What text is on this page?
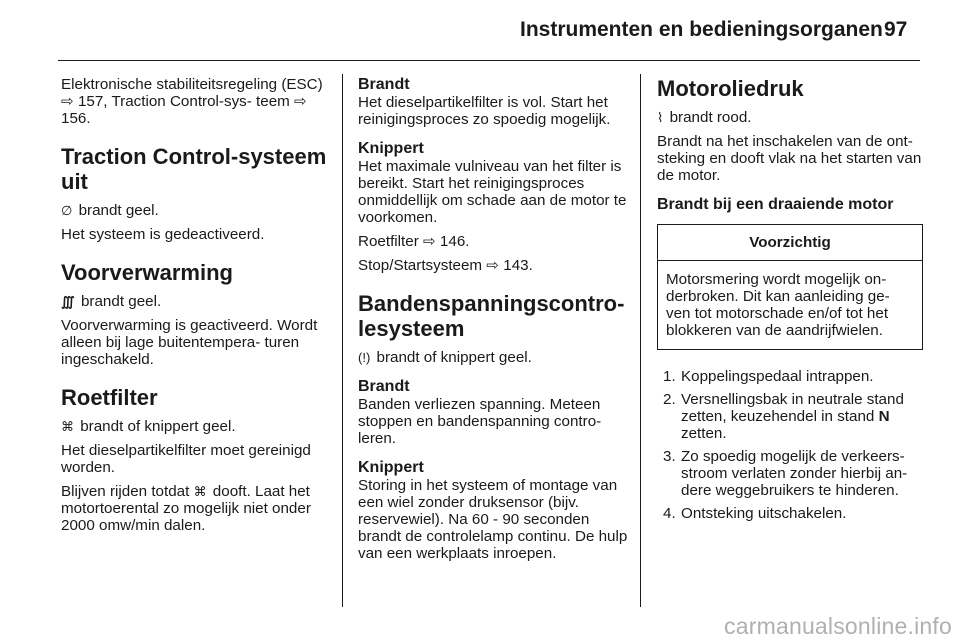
Instrumenten en bedieningsorganen 97

Elektronische stabiliteitsregeling (ESC) ⇨ 157, Traction Control-sys- teem ⇨ 156.

Traction Control-systeem uit

∅ brandt geel.

Het systeem is gedeactiveerd.

Voorverwarming

∭ brandt geel.

Voorverwarming is geactiveerd. Wordt alleen bij lage buitentempera- turen ingeschakeld.

Roetfilter

⌘ brandt of knippert geel.

Het dieselpartikelfilter moet gereinigd worden.

Blijven rijden totdat ⌘ dooft. Laat het motortoerental zo mogelijk niet onder 2000 omw/min dalen.

Brandt

Het dieselpartikelfilter is vol. Start het reinigingsproces zo spoedig mogelijk.

Knippert

Het maximale vulniveau van het filter is bereikt. Start het reinigingsproces onmiddellijk om schade aan de motor te voorkomen.

Roetfilter ⇨ 146.

Stop/Startsysteem ⇨ 143.

Bandenspanningscontro- lesysteem

(!) brandt of knippert geel.

Brandt

Banden verliezen spanning. Meteen stoppen en bandenspanning contro- leren.

Knippert

Storing in het systeem of montage van een wiel zonder druksensor (bijv. reservewiel). Na 60 - 90 seconden brandt de controlelamp continu. De hulp van een werkplaats inroepen.

Motoroliedruk

⌇ brandt rood.

Brandt na het inschakelen van de ont- steking en dooft vlak na het starten van de motor.

Brandt bij een draaiende motor
Voorzichtig
Motorsmering wordt mogelijk on- derbroken. Dit kan aanleiding ge- ven tot motorschade en/of tot het blokkeren van de aandrijfwielen.
1. Koppelingspedaal intrappen.
2. Versnellingsbak in neutrale stand zetten, keuzehendel in stand N zetten.
3. Zo spoedig mogelijk de verkeers- stroom verlaten zonder hierbij an- dere weggebruikers te hinderen.
4. Ontsteking uitschakelen.
carmanualsonline.info
